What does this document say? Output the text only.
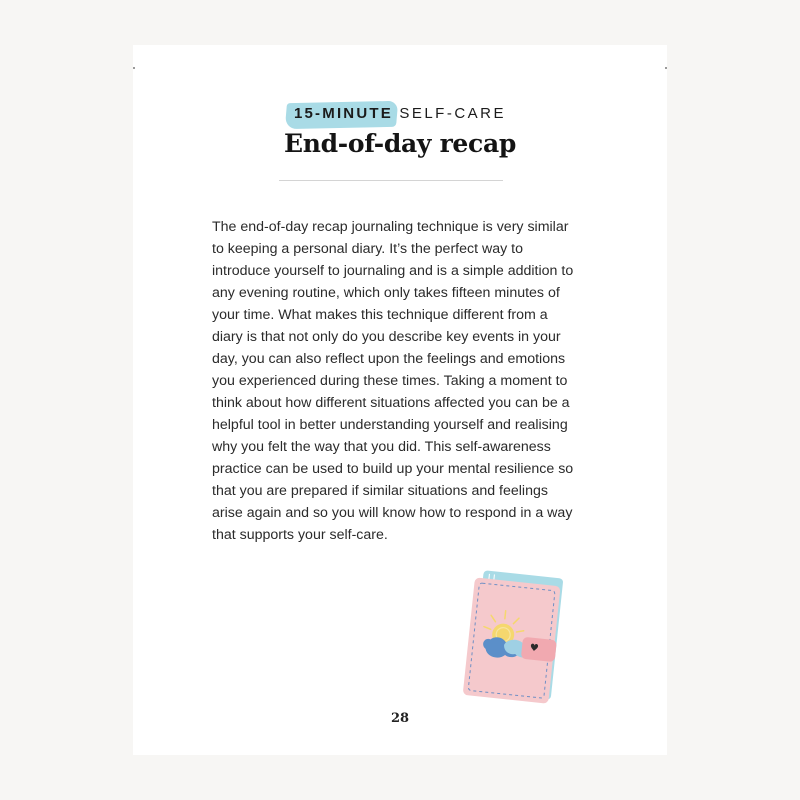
15-MINUTE SELF-CARE
End-of-day recap

The end-of-day recap journaling technique is very similar to keeping a personal diary. It’s the perfect way to introduce yourself to journaling and is a simple addition to any evening routine, which only takes fifteen minutes of your time. What makes this technique different from a diary is that not only do you describe key events in your day, you can also reflect upon the feelings and emotions you experienced during these times. Taking a moment to think about how different situations affected you can be a helpful tool in better understanding yourself and realising why you felt the way that you did. This self-awareness practice can be used to build up your mental resilience so that you are prepared if similar situations and feelings arise again and so you will know how to respond in a way that supports your self-care.

28
